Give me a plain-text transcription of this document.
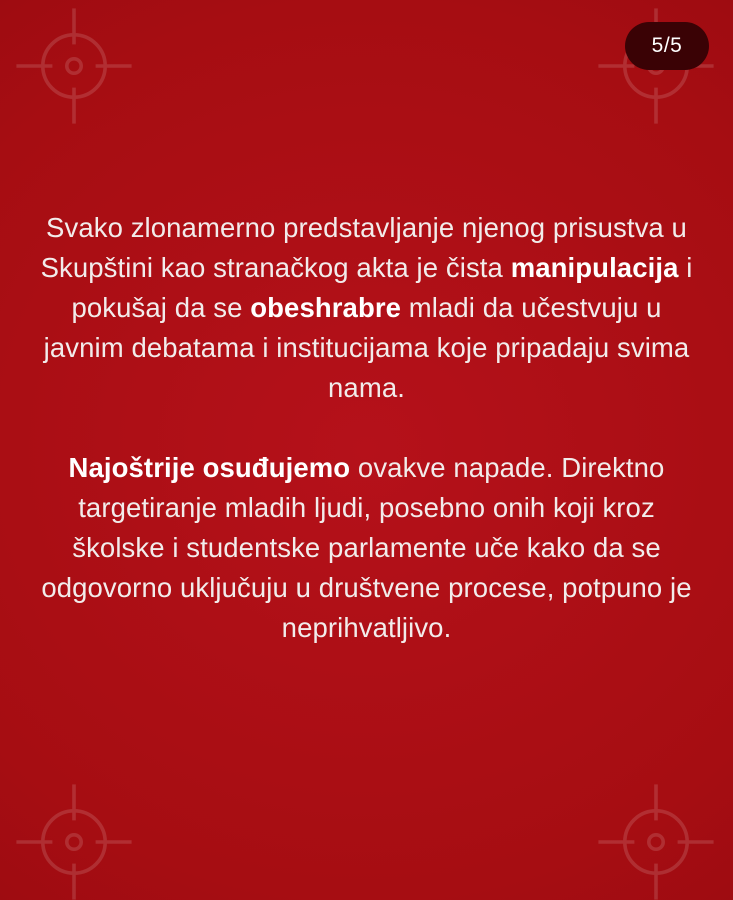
5/5

Svako zlonamerno predstavljanje njenog prisustva u Skupštini kao stranačkog akta je čista manipulacija i pokušaj da se obeshrabre mladi da učestvuju u javnim debatama i institucijama koje pripadaju svima nama.

Najoštrije osuđujemo ovakve napade. Direktno targetiranje mladih ljudi, posebno onih koji kroz školske i studentske parlamente uče kako da se odgovorno uključuju u društvene procese, potpuno je neprihvatljivo.
